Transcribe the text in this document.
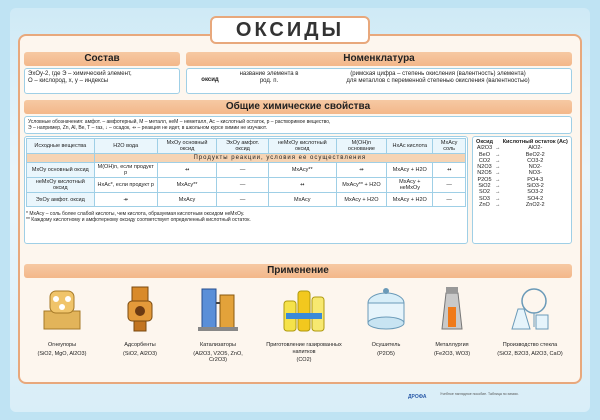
ОКСИДЫ
Состав
ЭxOy-2, где Э – химический элемент,
O – кислород, x, y – индексы
Номенклатура
оксид
название элемента в род. п.
(римская цифра – степень окисления (валентность) элемента)
для металлов с переменной степенью окисления (валентностью)
Общие химические свойства
Условные обозначения: амфот. – амфотерный, M – металл, неM – неметалл, Ac – кислотный остаток, р – растворимое вещество,
Э – например, Zn, Al, Be, T – газ, ↓ – осадок, ⇸ – реакция не идет, в школьном курсе химии не изучают.
Исходные вещества	H2O вода	MxOy основный оксид	ЭxOy амфот. оксид	неMxOy кислотный оксид	M(OH)n основание	HxAc кислота	MxAcy соль
	Продукты реакции, условия ее осуществления						
MxOy основный оксид	M(OH)n, если продукт р	⇸	—	MxAcy**	⇸	MxAcy + H2O	⇸
неMxOy кислотный оксид	HxAc*, если продукт р	MxAcy**	—	⇸	MxAcy** + H2O	MxAcy + неMxOy	—
ЭxOy амфот. оксид	⇸	MxAcy	—	MxAcy	MxAcy + H2O	MxAcy + H2O	—
* MxAcy – соль более слабой кислоты, чем кислота, образуемая кислотным оксидом неMxOy.
** Каждому кислотному и амфотерному оксиду соответствует определенный кислотный остаток.
Оксид		Кислотный остаток (Ac)
Al2O3	→	AlO2-
BeO	→	BeO2-2
CO2	→	CO3-2
N2O3	→	NO2-
N2O5	→	NO3-
P2O5	→	PO4-3
SiO2	→	SiO3-2
SO2	→	SO3-2
SO3	→	SO4-2
ZnO	→	ZnO2-2
Применение
Огнеупоры
(SiO2, MgO, Al2O3)
Адсорбенты
(SiO2, Al2O3)
Катализаторы
(Al2O3, V2O5, ZnO, Cr2O3)
Приготовление газированных напитков
(CO2)
Осушитель
(P2O5)
Металлургия
(Fe2O3, WO3)
Производство стекла
(SiO2, B2O3, Al2O3, CaO)
ДРОФА	Учебное наглядное пособие. Таблица по химии.
